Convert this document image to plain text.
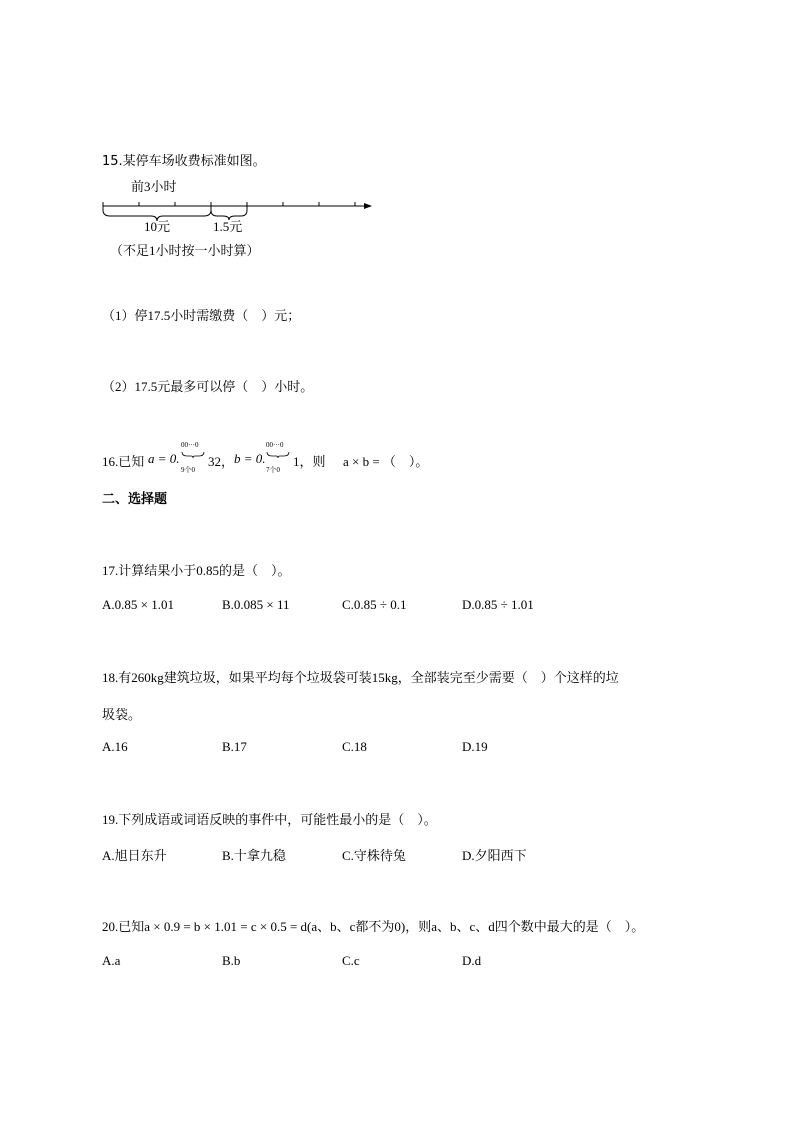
15.某停车场收费标准如图。
前3小时
10元	1.5元
（不足1小时按一小时算）
（1）停17.5小时需缴费（　）元；
（2）17.5元最多可以停（　）小时。
16.已知 a = 0.
00···0
9个0
32， b = 0.
00···0
7个0
1，则 a × b = （　）。
二、选择题
17.计算结果小于0.85的是（　）。
A.0.85 × 1.01	B.0.085 × 11	C.0.85 ÷ 0.1	D.0.85 ÷ 1.01
18.有260kg建筑垃圾，如果平均每个垃圾袋可装15kg，全部装完至少需要（　）个这样的垃
圾袋。
A.16	B.17	C.18	D.19
19.下列成语或词语反映的事件中，可能性最小的是（　）。
A.旭日东升	B.十拿九稳	C.守株待兔	D.夕阳西下
20.已知a × 0.9 = b × 1.01 = c × 0.5 = d(a、b、c都不为0)，则a、b、c、d四个数中最大的是（　）。
A.a	B.b	C.c	D.d
